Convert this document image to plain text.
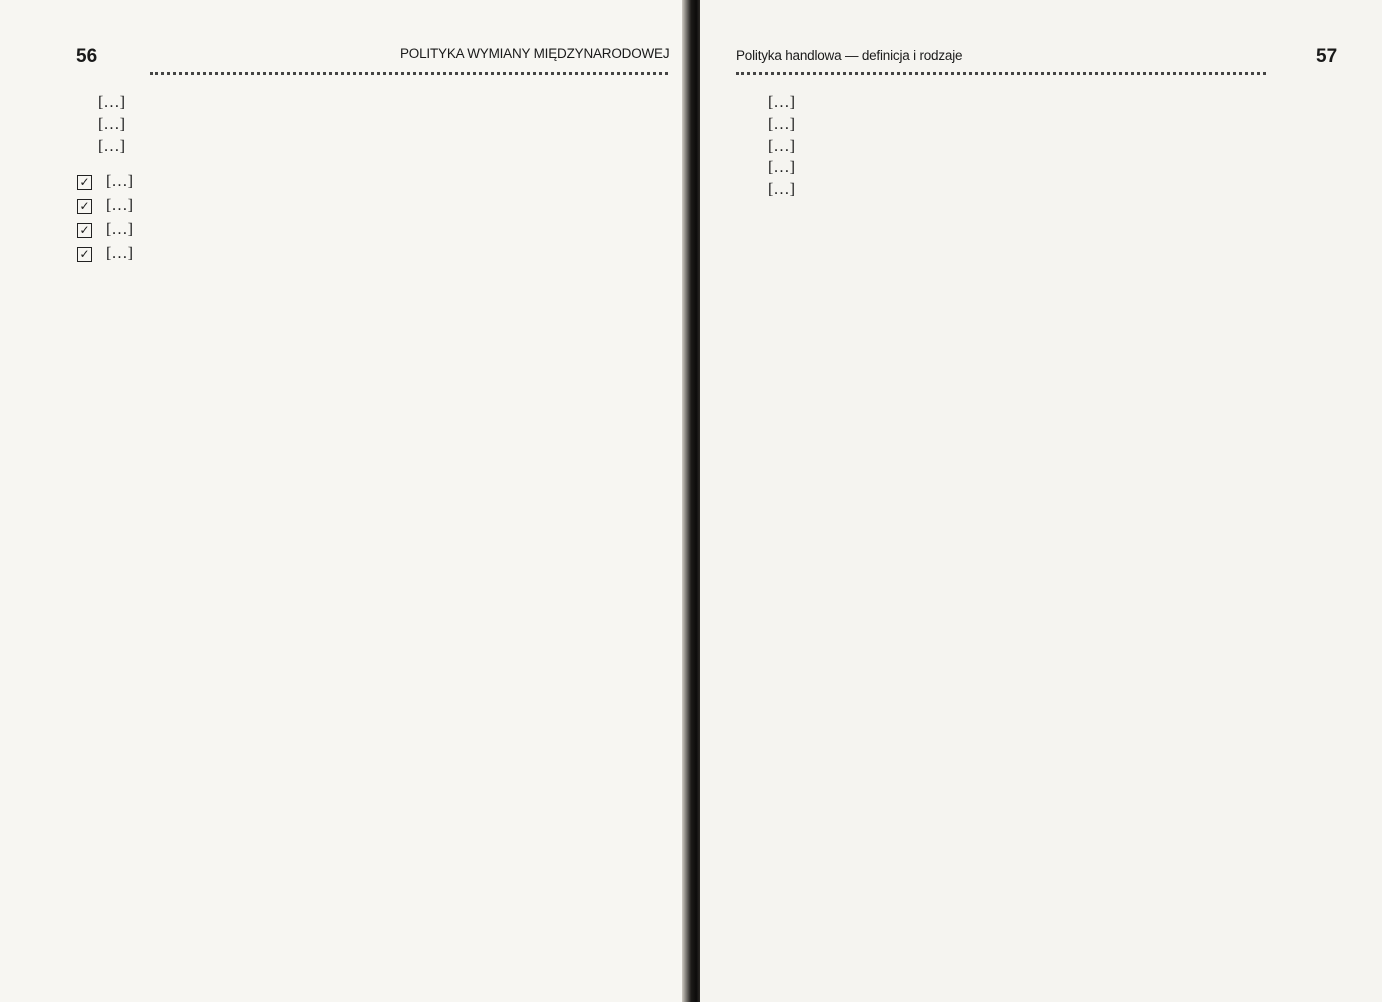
56	POLITYKA WYMIANY MIĘDZYNARODOWEJ

[…]

[…]

[…]

✓ […]
✓ […]
✓ […]
✓ […]
Polityka handlowa — definicja i rodzaje	57

[…]

[…]

[…]

[…]

[…]
